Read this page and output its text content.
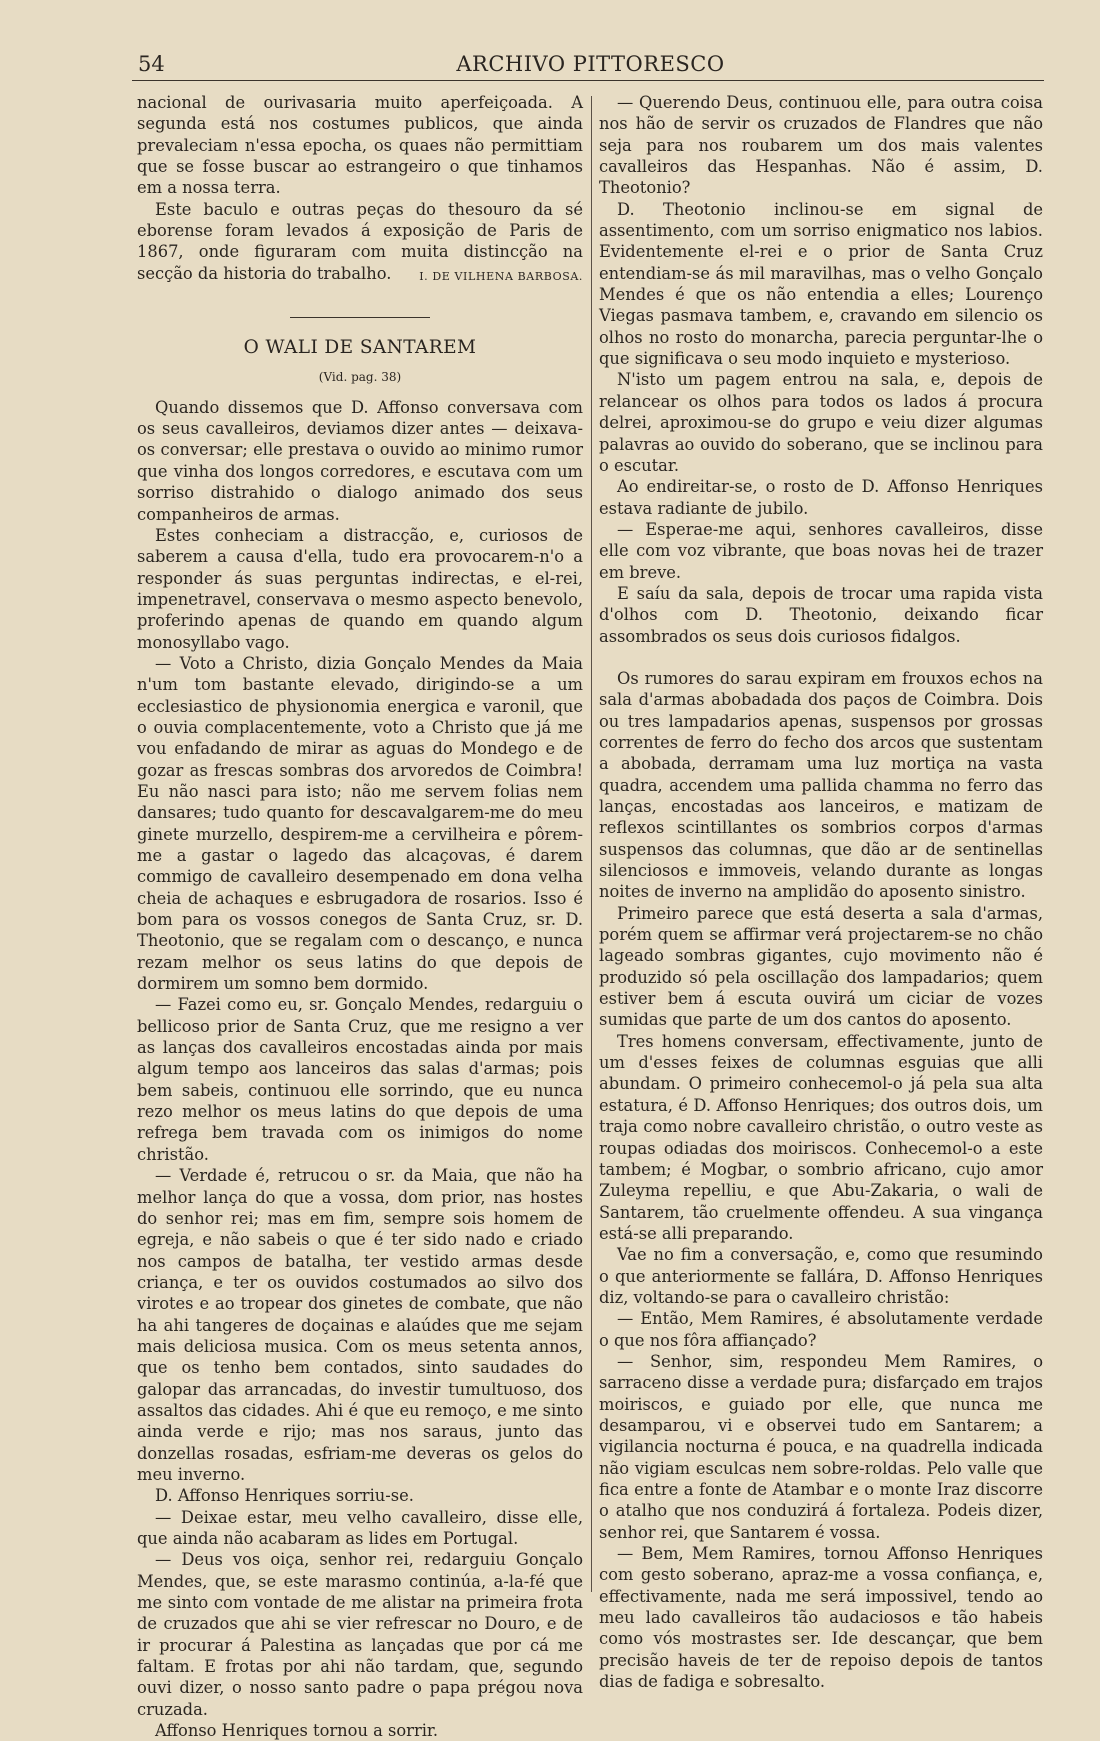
54	ARCHIVO PITTORESCO

nacional de ourivasaria muito aperfeiçoada. A segunda está nos costumes publicos, que ainda prevaleciam n'essa epocha, os quaes não permittiam que se fosse buscar ao estrangeiro o que tinhamos em a nossa terra.

Este baculo e outras peças do thesouro da sé eborense foram levados á exposição de Paris de 1867, onde figuraram com muita distincção na secção da historia do trabalho.	I. DE VILHENA BARBOSA.
O WALI DE SANTAREM
(Vid. pag. 38)

Quando dissemos que D. Affonso conversava com os seus cavalleiros, deviamos dizer antes — deixava-os conversar; elle prestava o ouvido ao minimo rumor que vinha dos longos corredores, e escutava com um sorriso distrahido o dialogo animado dos seus companheiros de armas.

Estes conheciam a distracção, e, curiosos de saberem a causa d'ella, tudo era provocarem-n'o a responder ás suas perguntas indirectas, e el-rei, impenetravel, conservava o mesmo aspecto benevolo, proferindo apenas de quando em quando algum monosyllabo vago.

— Voto a Christo, dizia Gonçalo Mendes da Maia n'um tom bastante elevado, dirigindo-se a um ecclesiastico de physionomia energica e varonil, que o ouvia complacentemente, voto a Christo que já me vou enfadando de mirar as aguas do Mondego e de gozar as frescas sombras dos arvoredos de Coimbra! Eu não nasci para isto; não me servem folias nem dansares; tudo quanto for descavalgarem-me do meu ginete murzello, despirem-me a cervilheira e pôrem-me a gastar o lagedo das alcaçovas, é darem commigo de cavalleiro desempenado em dona velha cheia de achaques e esbrugadora de rosarios. Isso é bom para os vossos conegos de Santa Cruz, sr. D. Theotonio, que se regalam com o descanço, e nunca rezam melhor os seus latins do que depois de dormirem um somno bem dormido.

— Fazei como eu, sr. Gonçalo Mendes, redarguiu o bellicoso prior de Santa Cruz, que me resigno a ver as lanças dos cavalleiros encostadas ainda por mais algum tempo aos lanceiros das salas d'armas; pois bem sabeis, continuou elle sorrindo, que eu nunca rezo melhor os meus latins do que depois de uma refrega bem travada com os inimigos do nome christão.

— Verdade é, retrucou o sr. da Maia, que não ha melhor lança do que a vossa, dom prior, nas hostes do senhor rei; mas em fim, sempre sois homem de egreja, e não sabeis o que é ter sido nado e criado nos campos de batalha, ter vestido armas desde criança, e ter os ouvidos costumados ao silvo dos virotes e ao tropear dos ginetes de combate, que não ha ahi tangeres de doçainas e alaúdes que me sejam mais deliciosa musica. Com os meus setenta annos, que os tenho bem contados, sinto saudades do galopar das arrancadas, do investir tumultuoso, dos assaltos das cidades. Ahi é que eu remoço, e me sinto ainda verde e rijo; mas nos saraus, junto das donzellas rosadas, esfriam-me deveras os gelos do meu inverno.

D. Affonso Henriques sorriu-se.

— Deixae estar, meu velho cavalleiro, disse elle, que ainda não acabaram as lides em Portugal.

— Deus vos oiça, senhor rei, redarguiu Gonçalo Mendes, que, se este marasmo continúa, a-la-fé que me sinto com vontade de me alistar na primeira frota de cruzados que ahi se vier refrescar no Douro, e de ir procurar á Palestina as lançadas que por cá me faltam. E frotas por ahi não tardam, que, segundo ouvi dizer, o nosso santo padre o papa prégou nova cruzada.

Affonso Henriques tornou a sorrir.

— Querendo Deus, continuou elle, para outra coisa nos hão de servir os cruzados de Flandres que não seja para nos roubarem um dos mais valentes cavalleiros das Hespanhas. Não é assim, D. Theotonio?

D. Theotonio inclinou-se em signal de assentimento, com um sorriso enigmatico nos labios. Evidentemente el-rei e o prior de Santa Cruz entendiam-se ás mil maravilhas, mas o velho Gonçalo Mendes é que os não entendia a elles; Lourenço Viegas pasmava tambem, e, cravando em silencio os olhos no rosto do monarcha, parecia perguntar-lhe o que significava o seu modo inquieto e mysterioso.

N'isto um pagem entrou na sala, e, depois de relancear os olhos para todos os lados á procura delrei, aproximou-se do grupo e veiu dizer algumas palavras ao ouvido do soberano, que se inclinou para o escutar.

Ao endireitar-se, o rosto de D. Affonso Henriques estava radiante de jubilo.

— Esperae-me aqui, senhores cavalleiros, disse elle com voz vibrante, que boas novas hei de trazer em breve.

E saíu da sala, depois de trocar uma rapida vista d'olhos com D. Theotonio, deixando ficar assombrados os seus dois curiosos fidalgos.

Os rumores do sarau expiram em frouxos echos na sala d'armas abobadada dos paços de Coimbra. Dois ou tres lampadarios apenas, suspensos por grossas correntes de ferro do fecho dos arcos que sustentam a abobada, derramam uma luz mortiça na vasta quadra, accendem uma pallida chamma no ferro das lanças, encostadas aos lanceiros, e matizam de reflexos scintillantes os sombrios corpos d'armas suspensos das columnas, que dão ar de sentinellas silenciosos e immoveis, velando durante as longas noites de inverno na amplidão do aposento sinistro.

Primeiro parece que está deserta a sala d'armas, porém quem se affirmar verá projectarem-se no chão lageado sombras gigantes, cujo movimento não é produzido só pela oscillação dos lampadarios; quem estiver bem á escuta ouvirá um ciciar de vozes sumidas que parte de um dos cantos do aposento.

Tres homens conversam, effectivamente, junto de um d'esses feixes de columnas esguias que alli abundam. O primeiro conhecemol-o já pela sua alta estatura, é D. Affonso Henriques; dos outros dois, um traja como nobre cavalleiro christão, o outro veste as roupas odiadas dos moiriscos. Conhecemol-o a este tambem; é Mogbar, o sombrio africano, cujo amor Zuleyma repelliu, e que Abu-Zakaria, o wali de Santarem, tão cruelmente offendeu. A sua vingança está-se alli preparando.

Vae no fim a conversação, e, como que resumindo o que anteriormente se fallára, D. Affonso Henriques diz, voltando-se para o cavalleiro christão:

— Então, Mem Ramires, é absolutamente verdade o que nos fôra affiançado?

— Senhor, sim, respondeu Mem Ramires, o sarraceno disse a verdade pura; disfarçado em trajos moiriscos, e guiado por elle, que nunca me desamparou, vi e observei tudo em Santarem; a vigilancia nocturna é pouca, e na quadrella indicada não vigiam esculcas nem sobre-roldas. Pelo valle que fica entre a fonte de Atambar e o monte Iraz discorre o atalho que nos conduzirá á fortaleza. Podeis dizer, senhor rei, que Santarem é vossa.

— Bem, Mem Ramires, tornou Affonso Henriques com gesto soberano, apraz-me a vossa confiança, e, effectivamente, nada me será impossivel, tendo ao meu lado cavalleiros tão audaciosos e tão habeis como vós mostrastes ser. Ide descançar, que bem precisão haveis de ter de repoiso depois de tantos dias de fadiga e sobresalto.
